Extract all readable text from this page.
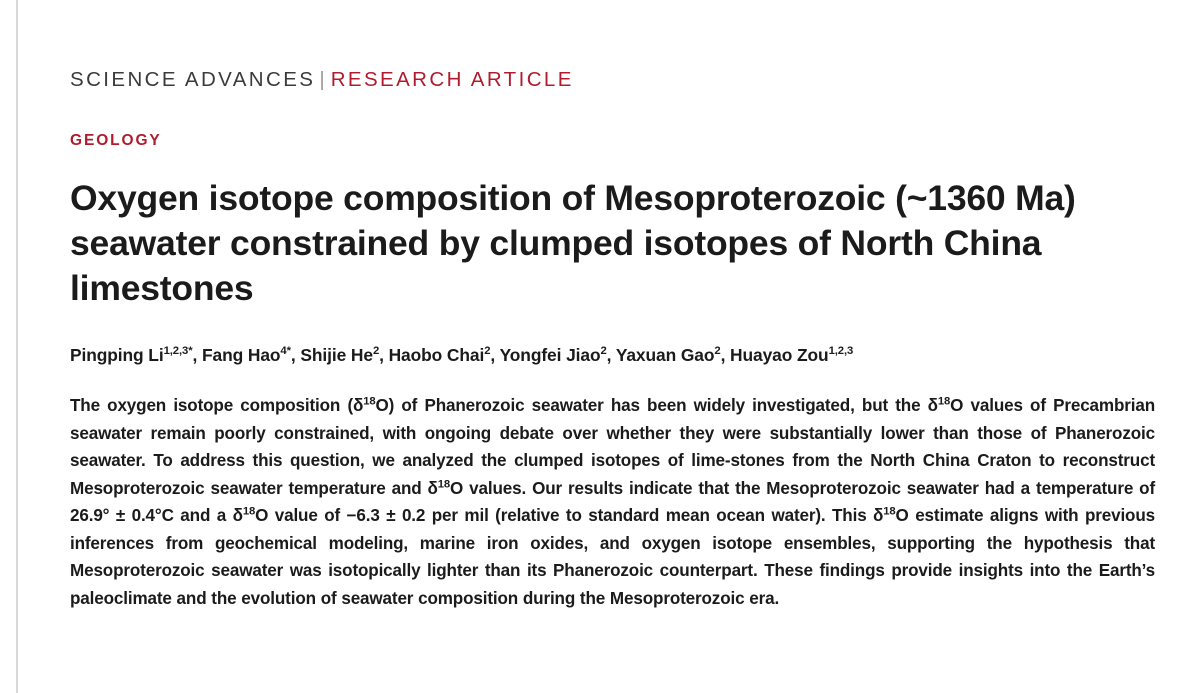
SCIENCE ADVANCES | RESEARCH ARTICLE
GEOLOGY
Oxygen isotope composition of Mesoproterozoic (~1360 Ma) seawater constrained by clumped isotopes of North China limestones
Pingping $Li^{1,2,3*}$, Fang Hao$^{4*}$, Shijie He$^2$, Haobo Chai$^2$, Yongfei Jiao$^2$, Yaxuan Gao$^2$, Huayao Zou$^{1,2,3}$
The oxygen isotope composition $(\delta^{18}O)$ of Phanerozoic seawater has been widely investigated, but the $\delta^{18}O$ values of Precambrian seawater remain poorly constrained, with ongoing debate over whether they were substantially lower than those of Phanerozoic seawater. To address this question, we analyzed the clumped isotopes of lime‐stones from the North China Craton to reconstruct Mesoproterozoic seawater temperature and $\delta^{18}O$ values. Our results indicate that the Mesoproterozoic seawater had a temperature of 26.9° ± 0.4°C and a $\delta^{18}O$ value of −6.3 ± 0.2 per mil (relative to standard mean ocean water). This $\delta^{18}O$ estimate aligns with previous inferences from geochemical modeling, marine iron oxides, and oxygen isotope ensembles, supporting the hypothesis that Mesoproterozoic seawater was isotopically lighter than its Phanerozoic counterpart. These findings provide insights into the Earth’s paleoclimate and the evolution of seawater composition during the Mesoproterozoic era.
